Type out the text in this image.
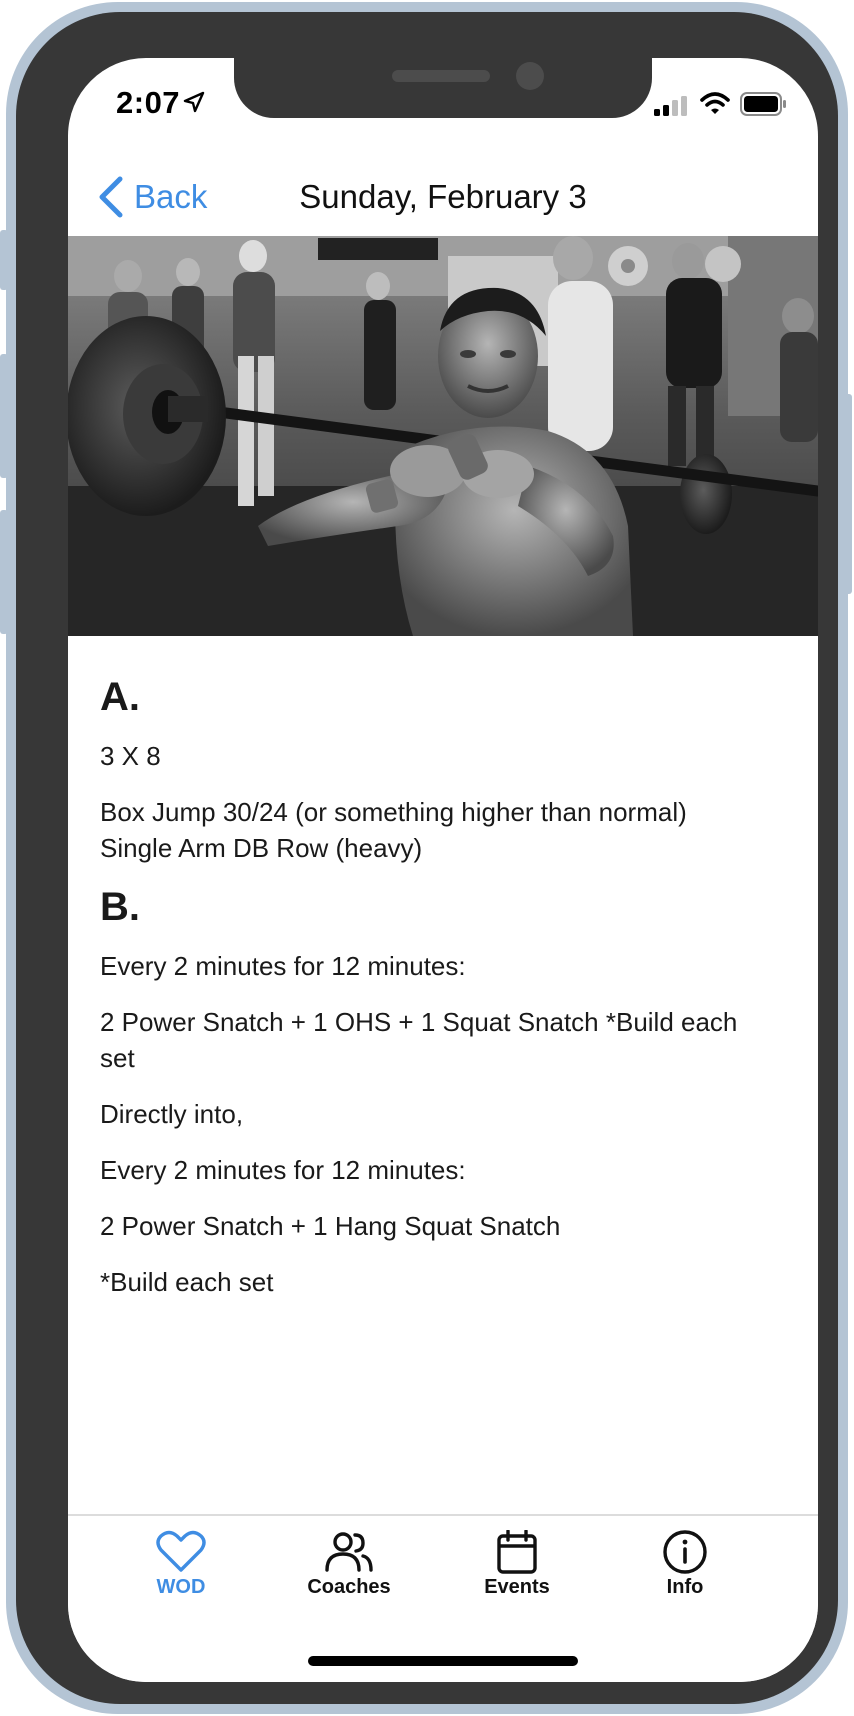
2:07
Sunday, February 3
Back
A.
3 X 8
Box Jump 30/24 (or something higher than normal)
Single Arm DB Row (heavy)
B.
Every 2 minutes for 12 minutes:
2 Power Snatch + 1 OHS + 1 Squat Snatch *Build each set
Directly into,
Every 2 minutes for 12 minutes:
2 Power Snatch + 1 Hang Squat Snatch
*Build each set
WOD	Coaches	Events	Info
